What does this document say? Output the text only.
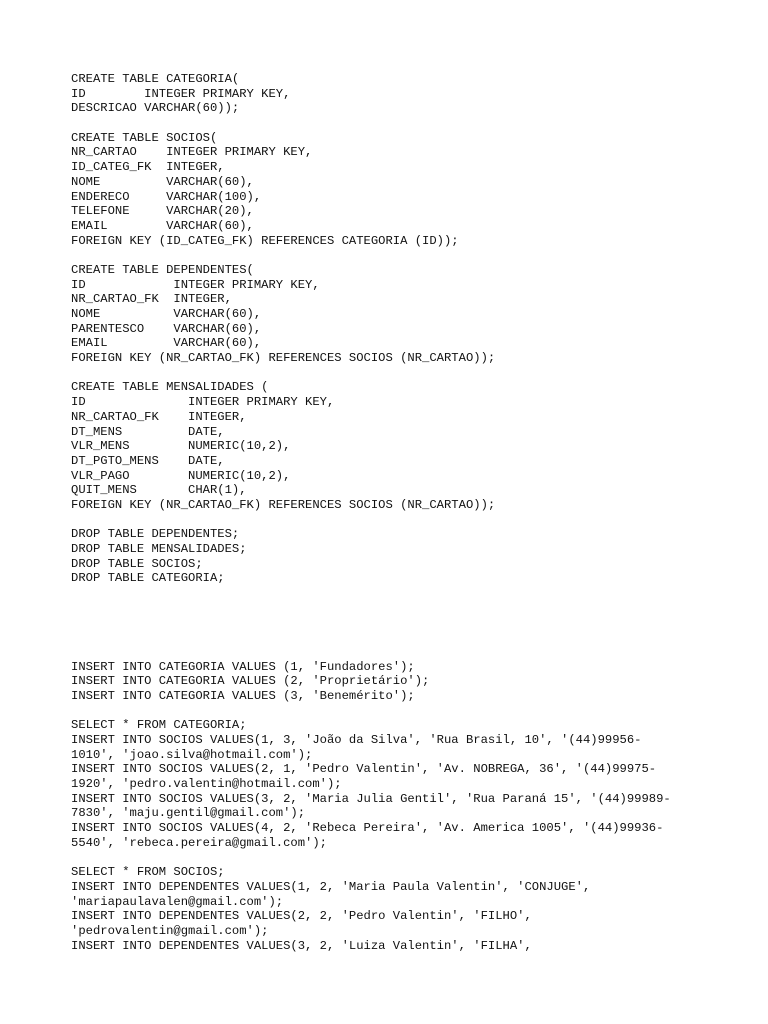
CREATE TABLE CATEGORIA(
ID        INTEGER PRIMARY KEY,
DESCRICAO VARCHAR(60));
CREATE TABLE SOCIOS(
NR_CARTAO    INTEGER PRIMARY KEY,
ID_CATEG_FK  INTEGER,
NOME         VARCHAR(60),
ENDERECO     VARCHAR(100),
TELEFONE     VARCHAR(20),
EMAIL        VARCHAR(60),
FOREIGN KEY (ID_CATEG_FK) REFERENCES CATEGORIA (ID));
CREATE TABLE DEPENDENTES(
ID            INTEGER PRIMARY KEY,
NR_CARTAO_FK  INTEGER,
NOME          VARCHAR(60),
PARENTESCO    VARCHAR(60),
EMAIL         VARCHAR(60),
FOREIGN KEY (NR_CARTAO_FK) REFERENCES SOCIOS (NR_CARTAO));
CREATE TABLE MENSALIDADES (
ID              INTEGER PRIMARY KEY,
NR_CARTAO_FK    INTEGER,
DT_MENS         DATE,
VLR_MENS        NUMERIC(10,2),
DT_PGTO_MENS    DATE,
VLR_PAGO        NUMERIC(10,2),
QUIT_MENS       CHAR(1),
FOREIGN KEY (NR_CARTAO_FK) REFERENCES SOCIOS (NR_CARTAO));
DROP TABLE DEPENDENTES;
DROP TABLE MENSALIDADES;
DROP TABLE SOCIOS;
DROP TABLE CATEGORIA;
INSERT INTO CATEGORIA VALUES (1, 'Fundadores');
INSERT INTO CATEGORIA VALUES (2, 'Proprietário');
INSERT INTO CATEGORIA VALUES (3, 'Benemérito');
SELECT * FROM CATEGORIA;
INSERT INTO SOCIOS VALUES(1, 3, 'João da Silva', 'Rua Brasil, 10', '(44)99956-
1010', 'joao.silva@hotmail.com');
INSERT INTO SOCIOS VALUES(2, 1, 'Pedro Valentin', 'Av. NOBREGA, 36', '(44)99975-
1920', 'pedro.valentin@hotmail.com');
INSERT INTO SOCIOS VALUES(3, 2, 'Maria Julia Gentil', 'Rua Paraná 15', '(44)99989-
7830', 'maju.gentil@gmail.com');
INSERT INTO SOCIOS VALUES(4, 2, 'Rebeca Pereira', 'Av. America 1005', '(44)99936-
5540', 'rebeca.pereira@gmail.com');
SELECT * FROM SOCIOS;
INSERT INTO DEPENDENTES VALUES(1, 2, 'Maria Paula Valentin', 'CONJUGE',
'mariapaulavalen@gmail.com');
INSERT INTO DEPENDENTES VALUES(2, 2, 'Pedro Valentin', 'FILHO',
'pedrovalentin@gmail.com');
INSERT INTO DEPENDENTES VALUES(3, 2, 'Luiza Valentin', 'FILHA',
